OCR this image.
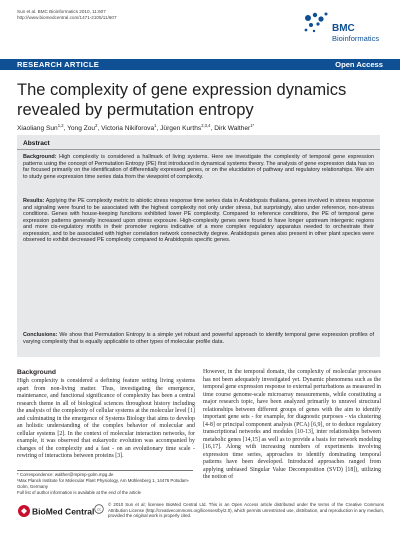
Sun et al. BMC Bioinformatics 2010, 11:607
http://www.biomedcentral.com/1471-2105/11/607
BMC
Bioinformatics
RESEARCH ARTICLE	Open Access
The complexity of gene expression dynamics revealed by permutation entropy
Xiaoliang Sun$^{1,2}$, Yong Zou$^2$, Victoria Nikiforova$^1$, Jürgen Kurths$^{2,3,4}$, Dirk Walther$^{1*}$
Abstract
Background: High complexity is considered a hallmark of living systems. Here we investigate the complexity of temporal gene expression patterns using the concept of Permutation Entropy (PE) first introduced in dynamical systems theory. The analysis of gene expression data has so far focused primarily on the identification of differentially expressed genes, or on the elucidation of pathway and regulatory relationships. We aim to study gene expression time series data from the viewpoint of complexity.
Results: Applying the PE complexity metric to abiotic stress response time series data in Arabidopsis thaliana, genes involved in stress response and signaling were found to be associated with the highest complexity not only under stress, but surprisingly, also under reference, non-stress conditions. Genes with house-keeping functions exhibited lower PE complexity. Compared to reference conditions, the PE of temporal gene expression patterns generally increased upon stress exposure. High-complexity genes were found to have longer upstream intergenic regions and more cis-regulatory motifs in their promoter regions indicative of a more complex regulatory apparatus needed to orchestrate their expression, and to be associated with higher correlation network connectivity degree. Arabidopsis genes also present in other plant species were observed to exhibit decreased PE complexity compared to Arabidopsis specific genes.
Conclusions: We show that Permutation Entropy is a simple yet robust and powerful approach to identify temporal gene expression profiles of varying complexity that is equally applicable to other types of molecular profile data.
Background
High complexity is considered a defining feature setting living systems apart from non-living matter. Thus, investigating the emergence, maintenance, and functional significance of complexity has been a central research theme in all of biological sciences throughout history including the analysis of the complexity of cellular systems at the molecular level [1] and culminating in the emergence of Systems Biology that aims to develop an holistic understanding of the complex behavior of molecular and cellular systems [2]. In the context of molecular interaction networks, for example, it was observed that eukaryotic evolution was accompanied by changes of the complexity and a fast - on an evolutionary time scale - rewiring of interactions between proteins [3].
However, in the temporal domain, the complexity of molecular processes has not been adequately investigated yet. Dynamic phenomena such as the temporal gene expression response to external perturbations as measured in time course genome-scale microarray measurements, while constituting a major research topic, have been analyzed primarily to unravel structural relationships between different groups of genes with the aim to identify important gene sets - for example, for diagnostic purposes - via clustering [4-8] or principal component analysis (PCA) [6,9], or to deduce regulatory transcriptional networks and modules [10-13], inter relationships between metabolic genes [14,15] as well as to provide a basis for network modeling [16,17]. Along with increasing numbers of experiments involving expression time series, approaches to identify dominating temporal patterns have been developed. Introduced approaches ranged from applying unbiased Singular Value Decomposition (SVD) [18]), utilizing the notion of
* Correspondence: walther@mpimp-golm.mpg.de
¹Max Planck Institute for Molecular Plant Physiology, Am Mühlenberg 1, 14476 Potsdam-Golm, Germany
Full list of author information is available at the end of the article
BioMed Central cc
© 2010 Sun et al; licensee BioMed Central Ltd. This is an Open Access article distributed under the terms of the Creative Commons Attribution License (http://creativecommons.org/licenses/by/2.0), which permits unrestricted use, distribution, and reproduction in any medium, provided the original work is properly cited.
